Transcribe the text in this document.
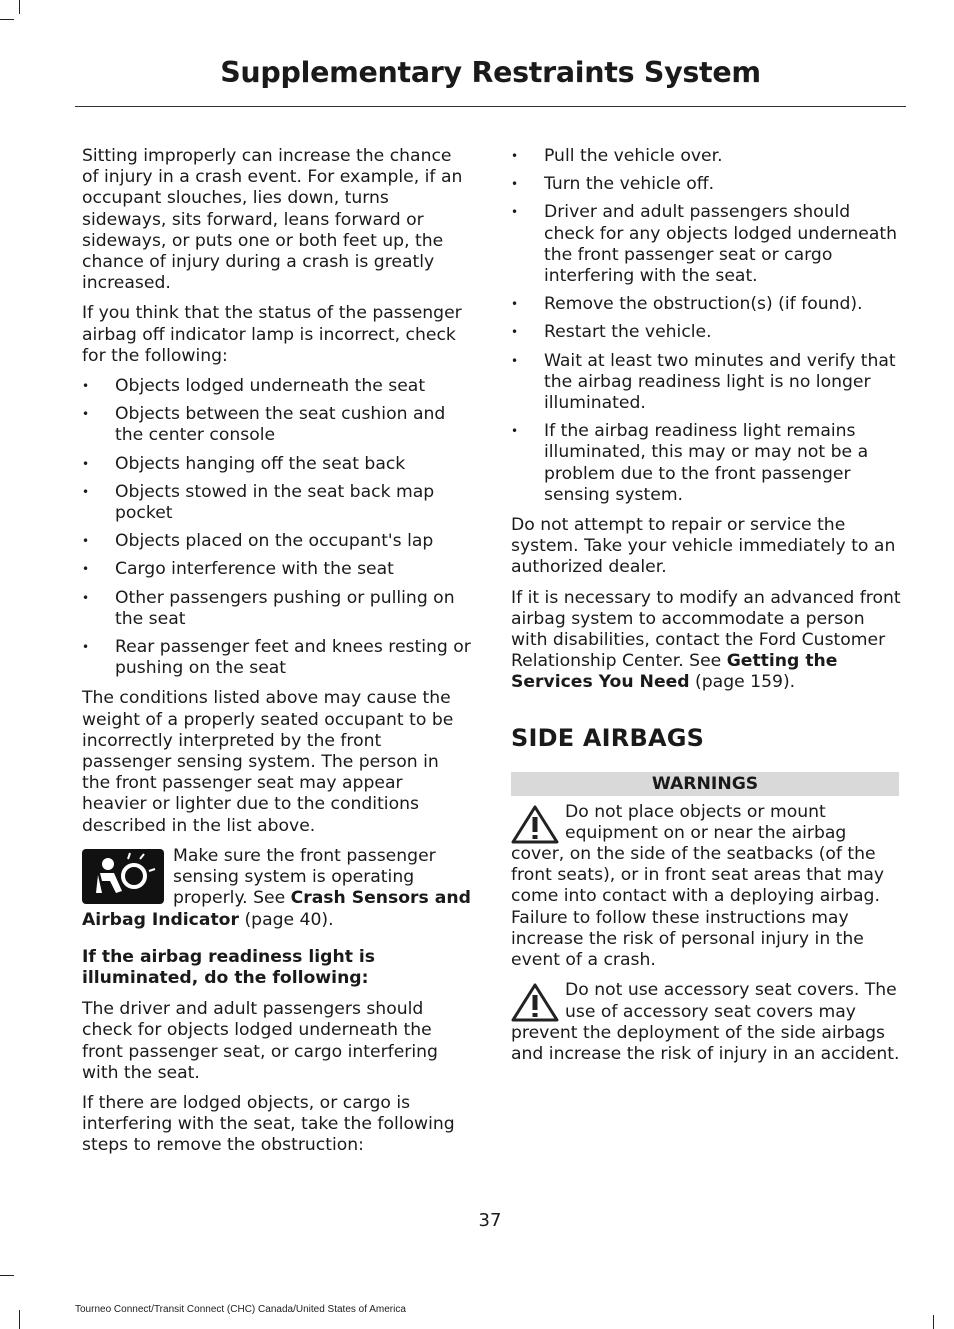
Supplementary Restraints System

Sitting improperly can increase the chance of injury in a crash event. For example, if an occupant slouches, lies down, turns sideways, sits forward, leans forward or sideways, or puts one or both feet up, the chance of injury during a crash is greatly increased.

If you think that the status of the passenger airbag off indicator lamp is incorrect, check for the following:

• Objects lodged underneath the seat
• Objects between the seat cushion and the center console
• Objects hanging off the seat back
• Objects stowed in the seat back map pocket
• Objects placed on the occupant's lap
• Cargo interference with the seat
• Other passengers pushing or pulling on the seat
• Rear passenger feet and knees resting or pushing on the seat

The conditions listed above may cause the weight of a properly seated occupant to be incorrectly interpreted by the front passenger sensing system. The person in the front passenger seat may appear heavier or lighter due to the conditions described in the list above.

Make sure the front passenger sensing system is operating properly. See Crash Sensors and Airbag Indicator (page 40).
If the airbag readiness light is illuminated, do the following:

The driver and adult passengers should check for objects lodged underneath the front passenger seat, or cargo interfering with the seat.

If there are lodged objects, or cargo is interfering with the seat, take the following steps to remove the obstruction:

• Pull the vehicle over.
• Turn the vehicle off.
• Driver and adult passengers should check for any objects lodged underneath the front passenger seat or cargo interfering with the seat.
• Remove the obstruction(s) (if found).
• Restart the vehicle.
• Wait at least two minutes and verify that the airbag readiness light is no longer illuminated.
• If the airbag readiness light remains illuminated, this may or may not be a problem due to the front passenger sensing system.

Do not attempt to repair or service the system. Take your vehicle immediately to an authorized dealer.

If it is necessary to modify an advanced front airbag system to accommodate a person with disabilities, contact the Ford Customer Relationship Center. See Getting the Services You Need (page 159).

SIDE AIRBAGS
WARNINGS
Do not place objects or mount equipment on or near the airbag cover, on the side of the seatbacks (of the front seats), or in front seat areas that may come into contact with a deploying airbag. Failure to follow these instructions may increase the risk of personal injury in the event of a crash.
Do not use accessory seat covers. The use of accessory seat covers may prevent the deployment of the side airbags and increase the risk of injury in an accident.
37
Tourneo Connect/Transit Connect (CHC) Canada/United States of America
